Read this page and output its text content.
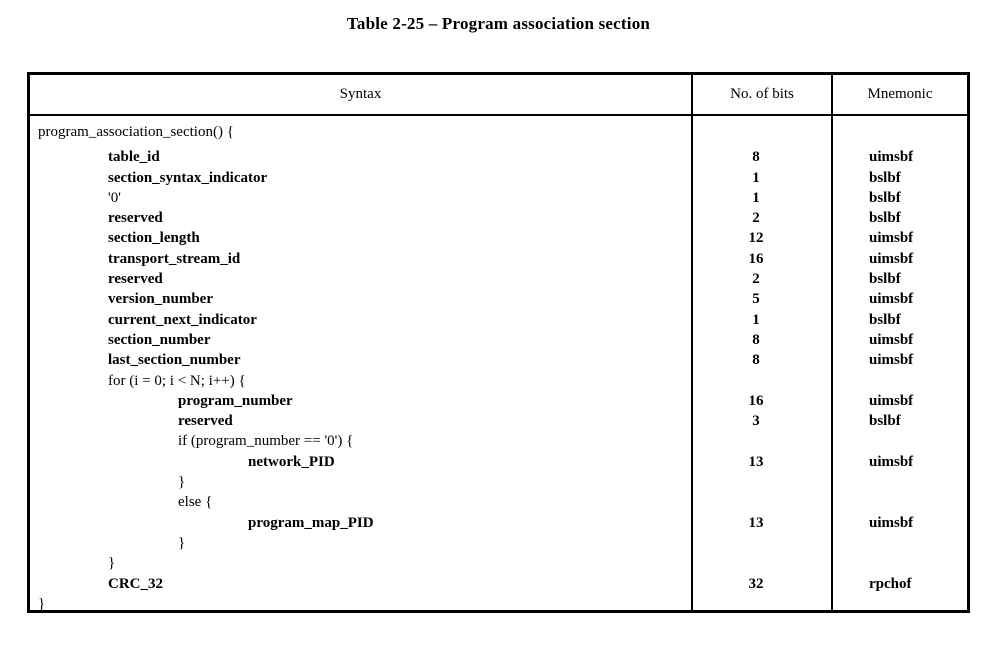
Table 2-25 – Program association section
Syntax	No. of bits	Mnemonic
program_association_section() {
table_id
section_syntax_indicator
'0'
reserved
section_length
transport_stream_id
reserved
version_number
current_next_indicator
section_number
last_section_number
for (i = 0; i < N; i++) {
program_number
reserved
if (program_number == '0') {
network_PID
}
else {
program_map_PID
}
}
CRC_32
}

8
1
1
2
12
16
2
5
1
8
8

16
3

13

13

32

uimsbf
bslbf
bslbf
bslbf
uimsbf
uimsbf
bslbf
uimsbf
bslbf
uimsbf
uimsbf

uimsbf
bslbf

uimsbf

uimsbf

rpchof
